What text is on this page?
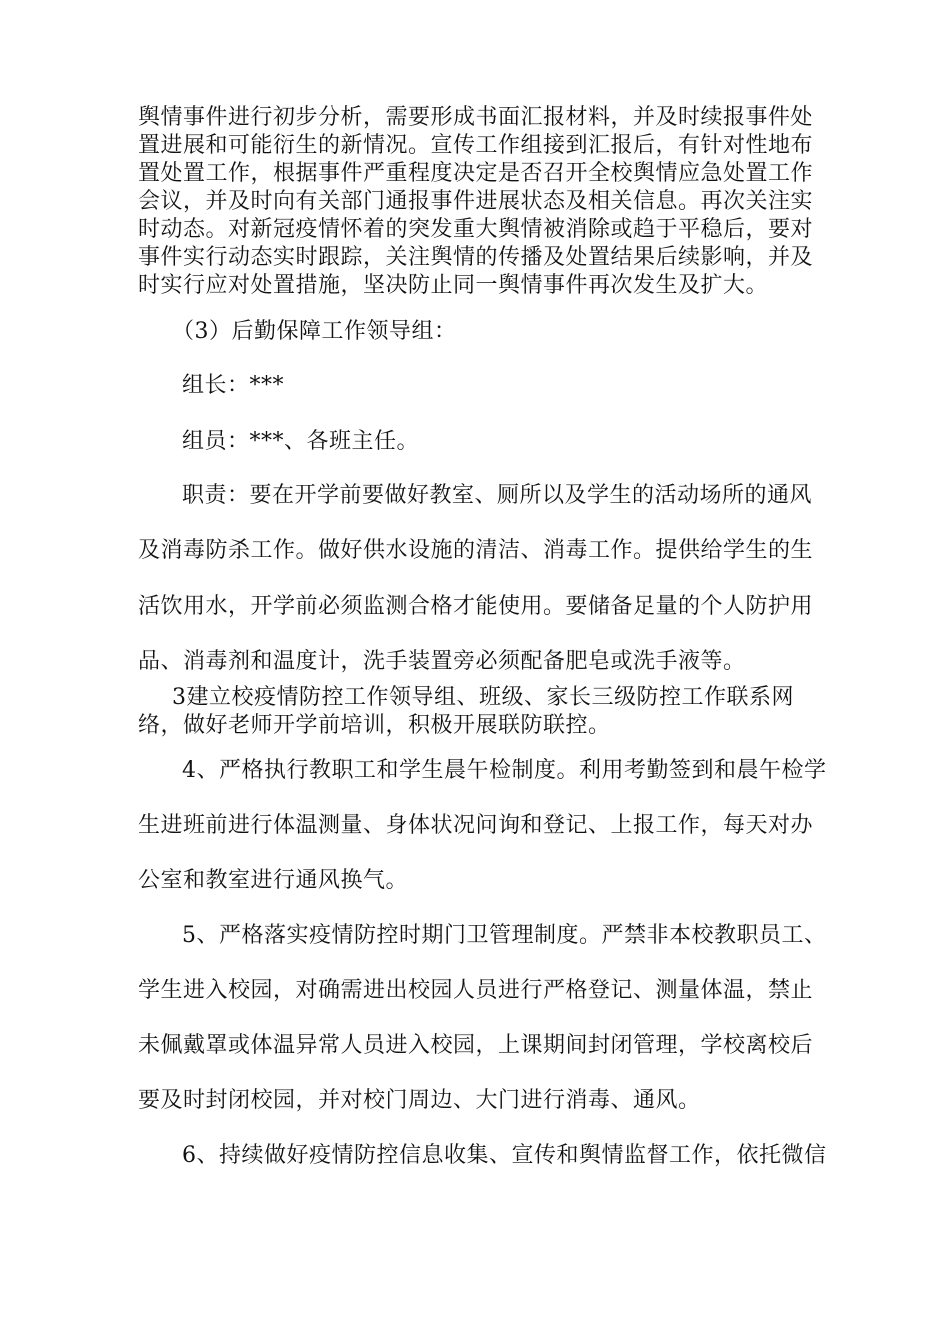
舆情事件进行初步分析，需要形成书面汇报材料，并及时续报事件处
置进展和可能衍生的新情况。宣传工作组接到汇报后，有针对性地布
置处置工作，根据事件严重程度决定是否召开全校舆情应急处置工作
会议，并及时向有关部门通报事件进展状态及相关信息。再次关注实
时动态。对新冠疫情怀着的突发重大舆情被消除或趋于平稳后，要对
事件实行动态实时跟踪，关注舆情的传播及处置结果后续影响，并及
时实行应对处置措施，坚决防止同一舆情事件再次发生及扩大。
（3）后勤保障工作领导组：
组长：***
组员：***、各班主任。
职责：要在开学前要做好教室、厕所以及学生的活动场所的通风
及消毒防杀工作。做好供水设施的清洁、消毒工作。提供给学生的生
活饮用水，开学前必须监测合格才能使用。要储备足量的个人防护用
品、消毒剂和温度计，洗手装置旁必须配备肥皂或洗手液等。
3建立校疫情防控工作领导组、班级、家长三级防控工作联系网
络，做好老师开学前培训，积极开展联防联控。
4、严格执行教职工和学生晨午检制度。利用考勤签到和晨午检学
生进班前进行体温测量、身体状况问询和登记、上报工作，每天对办
公室和教室进行通风换气。
5、严格落实疫情防控时期门卫管理制度。严禁非本校教职员工、
学生进入校园，对确需进出校园人员进行严格登记、测量体温，禁止
未佩戴罩或体温异常人员进入校园，上课期间封闭管理，学校离校后
要及时封闭校园，并对校门周边、大门进行消毒、通风。
6、持续做好疫情防控信息收集、宣传和舆情监督工作，依托微信
